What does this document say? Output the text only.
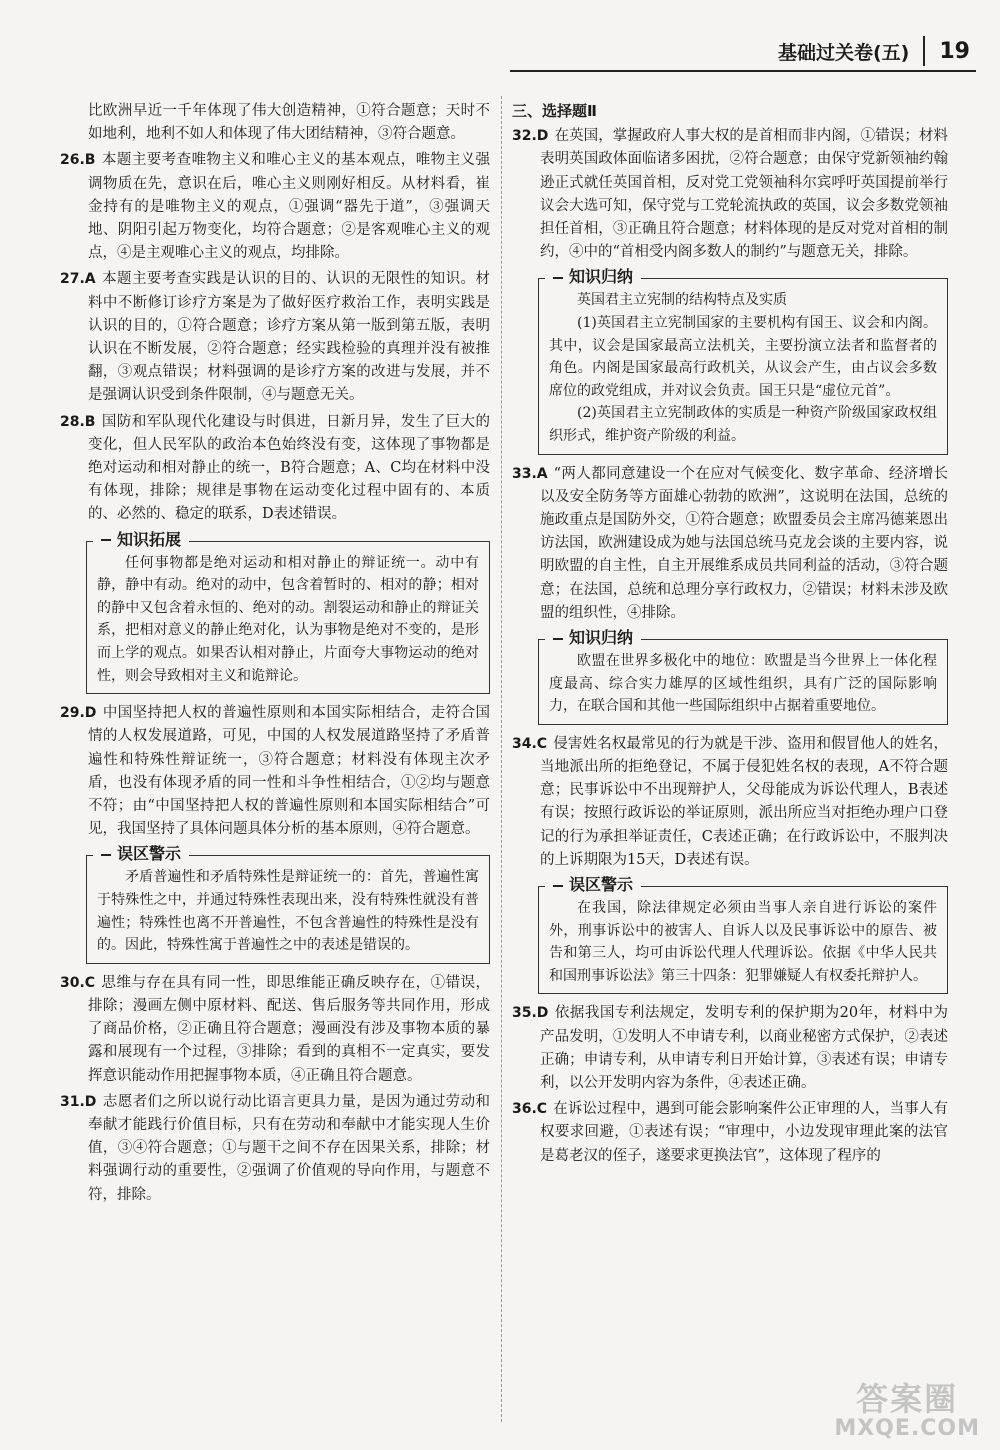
基础过关卷(五)	19

比欧洲早近一千年体现了伟大创造精神，①符合题意；天时不如地利，地利不如人和体现了伟大团结精神，③符合题意。

26.B 本题主要考查唯物主义和唯心主义的基本观点，唯物主义强调物质在先，意识在后，唯心主义则刚好相反。从材料看，崔金持有的是唯物主义的观点，①强调“器先于道”，③强调天地、阴阳引起万物变化，均符合题意；②是客观唯心主义的观点，④是主观唯心主义的观点，均排除。

27.A 本题主要考查实践是认识的目的、认识的无限性的知识。材料中不断修订诊疗方案是为了做好医疗救治工作，表明实践是认识的目的，①符合题意；诊疗方案从第一版到第五版，表明认识在不断发展，②符合题意；经实践检验的真理并没有被推翻，③观点错误；材料强调的是诊疗方案的改进与发展，并不是强调认识受到条件限制，④与题意无关。

28.B 国防和军队现代化建设与时俱进，日新月异，发生了巨大的变化，但人民军队的政治本色始终没有变，这体现了事物都是绝对运动和相对静止的统一，B符合题意；A、C均在材料中没有体现，排除；规律是事物在运动变化过程中固有的、本质的、必然的、稳定的联系，D表述错误。

知识拓展

任何事物都是绝对运动和相对静止的辩证统一。动中有静，静中有动。绝对的动中，包含着暂时的、相对的静；相对的静中又包含着永恒的、绝对的动。割裂运动和静止的辩证关系，把相对意义的静止绝对化，认为事物是绝对不变的，是形而上学的观点。如果否认相对静止，片面夸大事物运动的绝对性，则会导致相对主义和诡辩论。

29.D 中国坚持把人权的普遍性原则和本国实际相结合，走符合国情的人权发展道路，可见，中国的人权发展道路坚持了矛盾普遍性和特殊性辩证统一，③符合题意；材料没有体现主次矛盾，也没有体现矛盾的同一性和斗争性相结合，①②均与题意不符；由“中国坚持把人权的普遍性原则和本国实际相结合”可见，我国坚持了具体问题具体分析的基本原则，④符合题意。

误区警示

矛盾普遍性和矛盾特殊性是辩证统一的：首先，普遍性寓于特殊性之中，并通过特殊性表现出来，没有特殊性就没有普遍性；特殊性也离不开普遍性，不包含普遍性的特殊性是没有的。因此，特殊性寓于普遍性之中的表述是错误的。

30.C 思维与存在具有同一性，即思维能正确反映存在，①错误，排除；漫画左侧中原材料、配送、售后服务等共同作用，形成了商品价格，②正确且符合题意；漫画没有涉及事物本质的暴露和展现有一个过程，③排除；看到的真相不一定真实，要发挥意识能动作用把握事物本质，④正确且符合题意。

31.D 志愿者们之所以说行动比语言更具力量，是因为通过劳动和奉献才能践行价值目标，只有在劳动和奉献中才能实现人生价值，③④符合题意；①与题干之间不存在因果关系，排除；材料强调行动的重要性，②强调了价值观的导向作用，与题意不符，排除。

三、选择题Ⅱ

32.D 在英国，掌握政府人事大权的是首相而非内阁，①错误；材料表明英国政体面临诸多困扰，②符合题意；由保守党新领袖约翰逊正式就任英国首相，反对党工党领袖科尔宾呼吁英国提前举行议会大选可知，保守党与工党轮流执政的英国，议会多数党领袖担任首相，③正确且符合题意；材料体现的是反对党对首相的制约，④中的“首相受内阁多数人的制约”与题意无关，排除。

知识归纳

英国君主立宪制的结构特点及实质

(1)英国君主立宪制国家的主要机构有国王、议会和内阁。其中，议会是国家最高立法机关，主要扮演立法者和监督者的角色。内阁是国家最高行政机关，从议会产生，由占议会多数席位的政党组成，并对议会负责。国王只是“虚位元首”。

(2)英国君主立宪制政体的实质是一种资产阶级国家政权组织形式，维护资产阶级的利益。

33.A “两人都同意建设一个在应对气候变化、数字革命、经济增长以及安全防务等方面雄心勃勃的欧洲”，这说明在法国，总统的施政重点是国防外交，①符合题意；欧盟委员会主席冯德莱恩出访法国，欧洲建设成为她与法国总统马克龙会谈的主要内容，说明欧盟的自主性，自主开展维系成员共同利益的活动，③符合题意；在法国，总统和总理分享行政权力，②错误；材料未涉及欧盟的组织性，④排除。

知识归纳

欧盟在世界多极化中的地位：欧盟是当今世界上一体化程度最高、综合实力雄厚的区域性组织，具有广泛的国际影响力，在联合国和其他一些国际组织中占据着重要地位。

34.C 侵害姓名权最常见的行为就是干涉、盗用和假冒他人的姓名，当地派出所的拒绝登记，不属于侵犯姓名权的表现，A不符合题意；民事诉讼中不出现辩护人，父母能成为诉讼代理人，B表述有误；按照行政诉讼的举证原则，派出所应当对拒绝办理户口登记的行为承担举证责任，C表述正确；在行政诉讼中，不服判决的上诉期限为15天，D表述有误。

误区警示

在我国，除法律规定必须由当事人亲自进行诉讼的案件外，刑事诉讼中的被害人、自诉人以及民事诉讼中的原告、被告和第三人，均可由诉讼代理人代理诉讼。依据《中华人民共和国刑事诉讼法》第三十四条：犯罪嫌疑人有权委托辩护人。

35.D 依据我国专利法规定，发明专利的保护期为20年，材料中为产品发明，①发明人不申请专利，以商业秘密方式保护，②表述正确；申请专利，从申请专利日开始计算，③表述有误；申请专利，以公开发明内容为条件，④表述正确。

36.C 在诉讼过程中，遇到可能会影响案件公正审理的人，当事人有权要求回避，①表述有误；“审理中，小边发现审理此案的法官是葛老汉的侄子，遂要求更换法官”，这体现了程序的

答案圈
MXQE.COM
